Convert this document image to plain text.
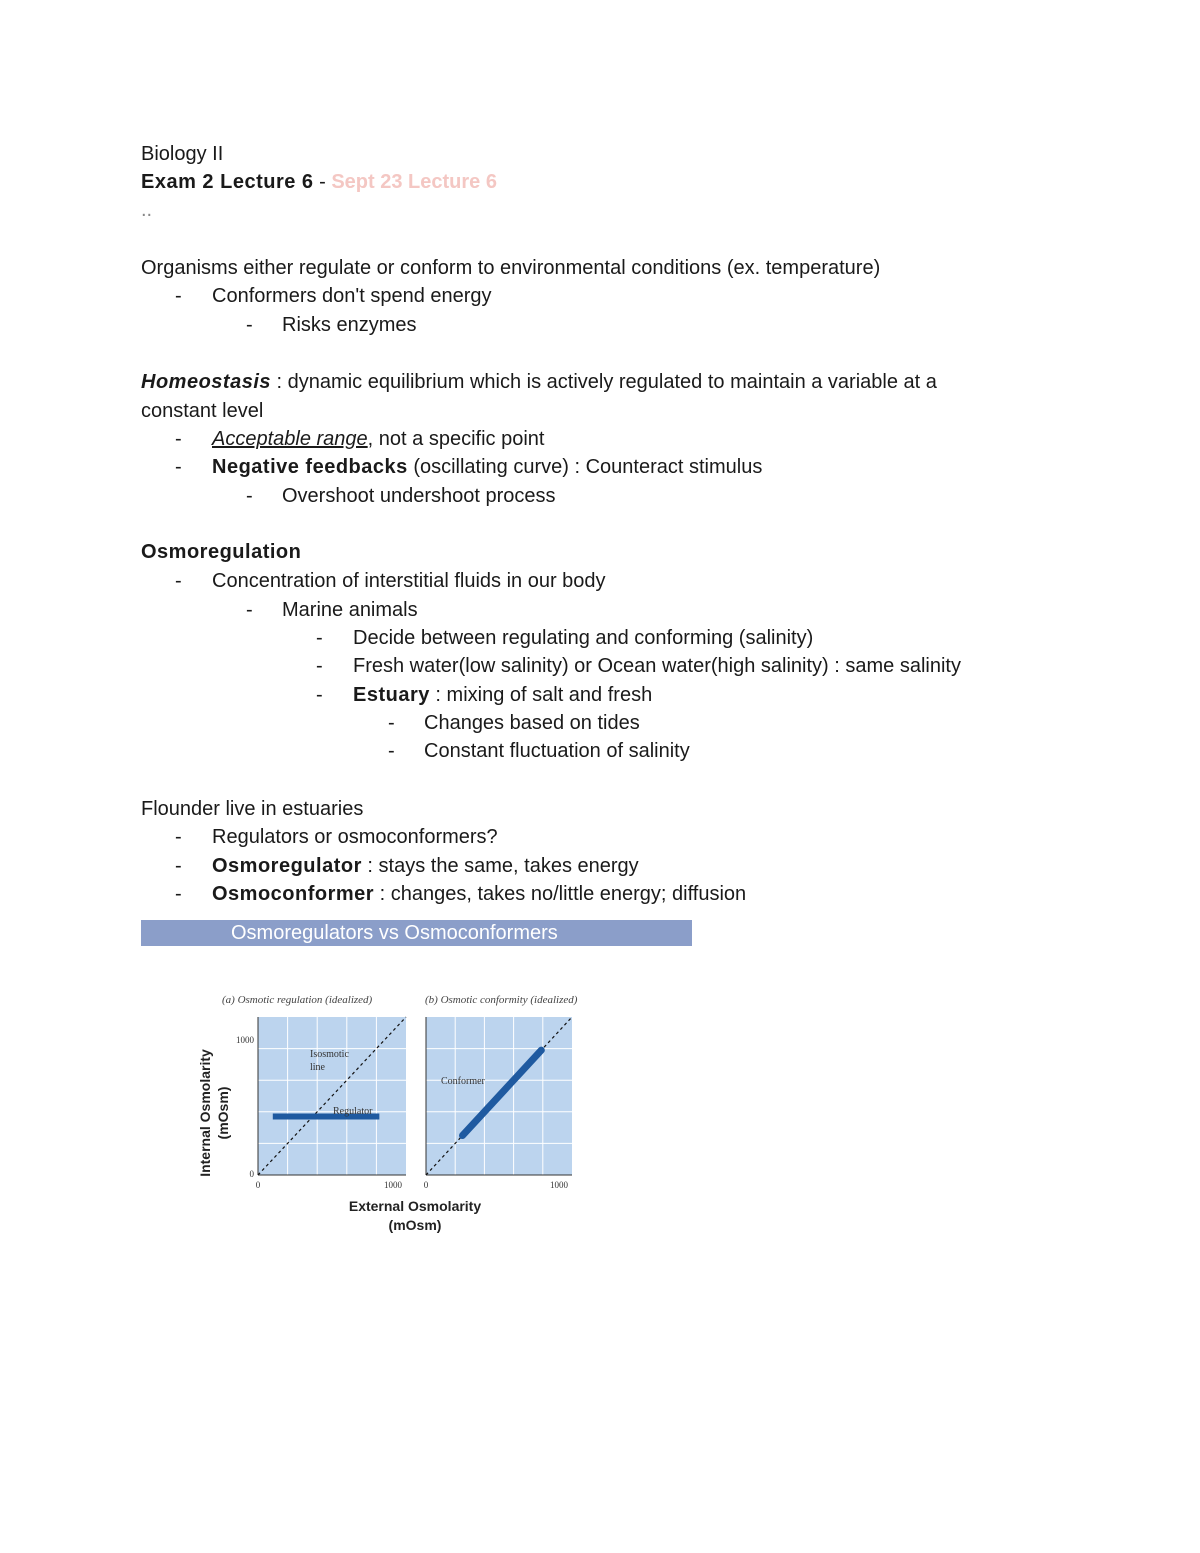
Biology II
Exam 2 Lecture 6 - Sept 23 Lecture 6
..
Organisms either regulate or conform to environmental conditions (ex. temperature)
- Conformers don't spend energy
- Risks enzymes
Homeostasis : dynamic equilibrium which is actively regulated to maintain a variable at a
constant level
- Acceptable range, not a specific point
- Negative feedbacks (oscillating curve) : Counteract stimulus
- Overshoot undershoot process
Osmoregulation
- Concentration of interstitial fluids in our body
- Marine animals
- Decide between regulating and conforming (salinity)
- Fresh water(low salinity) or Ocean water(high salinity) : same salinity
- Estuary : mixing of salt and fresh
- Changes based on tides
- Constant fluctuation of salinity
Flounder live in estuaries
- Regulators or osmoconformers?
- Osmoregulator : stays the same, takes energy
- Osmoconformer : changes, takes no/little energy; diffusion
Osmoregulators vs Osmoconformers
(a) Osmotic regulation (idealized)	(b) Osmotic conformity (idealized)
Internal Osmolarity (mOsm)
Isosmotic
line
Regulator
1000
0
0	1000
Conformer
0	1000
External Osmolarity
(mOsm)
